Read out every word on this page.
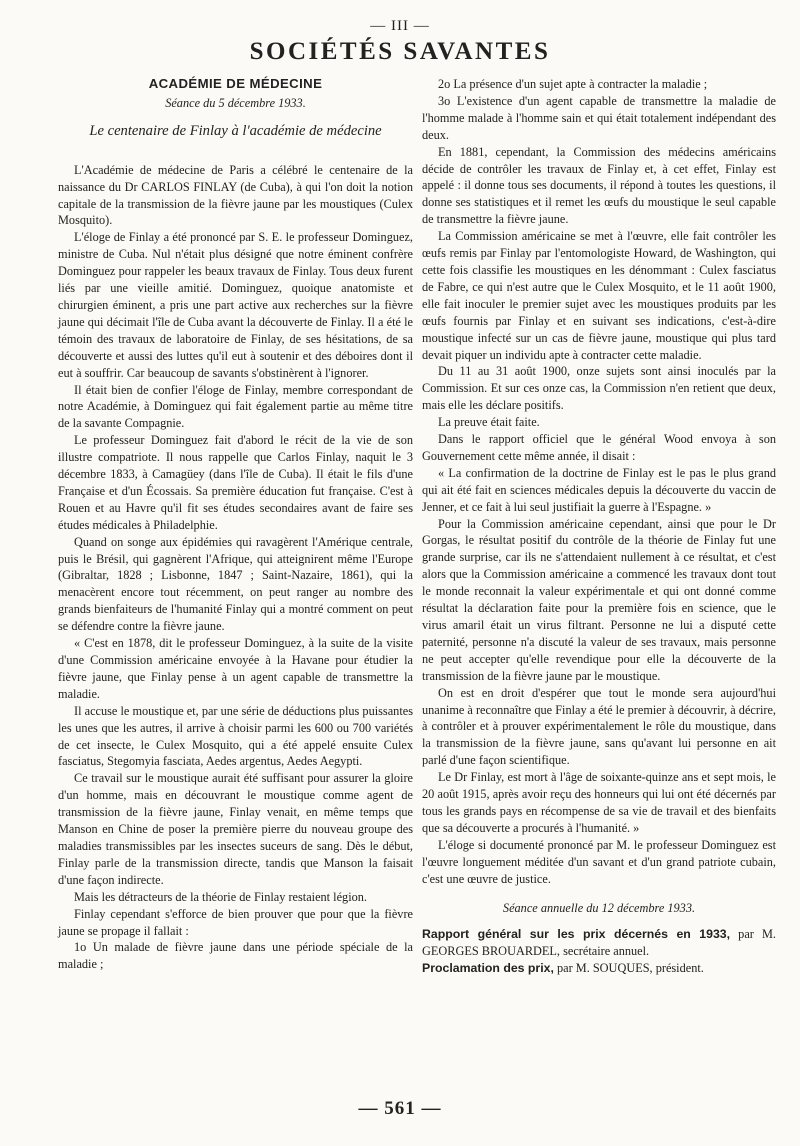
— III —
SOCIÉTÉS SAVANTES
ACADÉMIE DE MÉDECINE
Séance du 5 décembre 1933.
Le centenaire de Finlay à l'académie de médecine

L'Académie de médecine de Paris a célébré le centenaire de la naissance du Dr CARLOS FINLAY (de Cuba), à qui l'on doit la notion capitale de la transmission de la fièvre jaune par les moustiques (Culex Mosquito).

L'éloge de Finlay a été prononcé par S. E. le professeur Dominguez, ministre de Cuba. Nul n'était plus désigné que notre éminent confrère Dominguez pour rappeler les beaux travaux de Finlay. Tous deux furent liés par une vieille amitié. Dominguez, quoique anatomiste et chirurgien éminent, a pris une part active aux recherches sur la fièvre jaune qui décimait l'île de Cuba avant la découverte de Finlay. Il a été le témoin des travaux de laboratoire de Finlay, de ses hésitations, de sa découverte et aussi des luttes qu'il eut à soutenir et des déboires dont il eut à souffrir. Car beaucoup de savants s'obstinèrent à l'ignorer.

Il était bien de confier l'éloge de Finlay, membre correspondant de notre Académie, à Dominguez qui fait également partie au même titre de la savante Compagnie.

Le professeur Dominguez fait d'abord le récit de la vie de son illustre compatriote. Il nous rappelle que Carlos Finlay, naquit le 3 décembre 1833, à Camagüey (dans l'île de Cuba). Il était le fils d'une Française et d'un Écossais. Sa première éducation fut française. C'est à Rouen et au Havre qu'il fit ses études secondaires avant de faire ses études médicales à Philadelphie.

Quand on songe aux épidémies qui ravagèrent l'Amérique centrale, puis le Brésil, qui gagnèrent l'Afrique, qui atteignirent même l'Europe (Gibraltar, 1828 ; Lisbonne, 1847 ; Saint-Nazaire, 1861), qui la menacèrent encore tout récemment, on peut ranger au nombre des grands bienfaiteurs de l'humanité Finlay qui a montré comment on peut se défendre contre la fièvre jaune.

« C'est en 1878, dit le professeur Dominguez, à la suite de la visite d'une Commission américaine envoyée à la Havane pour étudier la fièvre jaune, que Finlay pense à un agent capable de transmettre la maladie.

Il accuse le moustique et, par une série de déductions plus puissantes les unes que les autres, il arrive à choisir parmi les 600 ou 700 variétés de cet insecte, le Culex Mosquito, qui a été appelé ensuite Culex fasciatus, Stegomyia fasciata, Aedes argentus, Aedes Aegypti.

Ce travail sur le moustique aurait été suffisant pour assurer la gloire d'un homme, mais en découvrant le moustique comme agent de transmission de la fièvre jaune, Finlay venait, en même temps que Manson en Chine de poser la première pierre du nouveau groupe des maladies transmissibles par les insectes suceurs de sang. Dès le début, Finlay parle de la transmission directe, tandis que Manson la faisait d'une façon indirecte.

Mais les détracteurs de la théorie de Finlay restaient légion.

Finlay cependant s'efforce de bien prouver que pour que la fièvre jaune se propage il fallait :

1o Un malade de fièvre jaune dans une période spéciale de la maladie ;

2o La présence d'un sujet apte à contracter la maladie ;

3o L'existence d'un agent capable de transmettre la maladie de l'homme malade à l'homme sain et qui était totalement indépendant des deux.

En 1881, cependant, la Commission des médecins américains décide de contrôler les travaux de Finlay et, à cet effet, Finlay est appelé : il donne tous ses documents, il répond à toutes les questions, il donne ses statistiques et il remet les œufs du moustique le seul capable de transmettre la fièvre jaune.

La Commission américaine se met à l'œuvre, elle fait contrôler les œufs remis par Finlay par l'entomologiste Howard, de Washington, qui cette fois classifie les moustiques en les dénommant : Culex fasciatus de Fabre, ce qui n'est autre que le Culex Mosquito, et le 11 août 1900, elle fait inoculer le premier sujet avec les moustiques produits par les œufs fournis par Finlay et en suivant ses indications, c'est-à-dire moustique infecté sur un cas de fièvre jaune, moustique qui plus tard devait piquer un individu apte à contracter cette maladie.

Du 11 au 31 août 1900, onze sujets sont ainsi inoculés par la Commission. Et sur ces onze cas, la Commission n'en retient que deux, mais elle les déclare positifs.

La preuve était faite.

Dans le rapport officiel que le général Wood envoya à son Gouvernement cette même année, il disait :

« La confirmation de la doctrine de Finlay est le pas le plus grand qui ait été fait en sciences médicales depuis la découverte du vaccin de Jenner, et ce fait à lui seul justifiait la guerre à l'Espagne. »

Pour la Commission américaine cependant, ainsi que pour le Dr Gorgas, le résultat positif du contrôle de la théorie de Finlay fut une grande surprise, car ils ne s'attendaient nullement à ce résultat, et c'est alors que la Commission américaine a commencé les travaux dont tout le monde reconnait la valeur expérimentale et qui ont donné comme résultat la déclaration faite pour la première fois en science, que le virus amaril était un virus filtrant. Personne ne lui a disputé cette paternité, personne n'a discuté la valeur de ses travaux, mais personne ne peut accepter qu'elle revendique pour elle la découverte de la transmission de la fièvre jaune par le moustique.

On est en droit d'espérer que tout le monde sera aujourd'hui unanime à reconnaître que Finlay a été le premier à découvrir, à décrire, à contrôler et à prouver expérimentalement le rôle du moustique, dans la transmission de la fièvre jaune, sans qu'avant lui personne en ait parlé d'une façon scientifique.

Le Dr Finlay, est mort à l'âge de soixante-quinze ans et sept mois, le 20 août 1915, après avoir reçu des honneurs qui lui ont été décernés par tous les grands pays en récompense de sa vie de travail et des bienfaits que sa découverte a procurés à l'humanité. »

L'éloge si documenté prononcé par M. le professeur Dominguez est l'œuvre longuement méditée d'un savant et d'un grand patriote cubain, c'est une œuvre de justice.

Séance annuelle du 12 décembre 1933.

Rapport général sur les prix décernés en 1933, par M. GEORGES BROUARDEL, secrétaire annuel.

Proclamation des prix, par M. SOUQUES, président.

— 561 —
